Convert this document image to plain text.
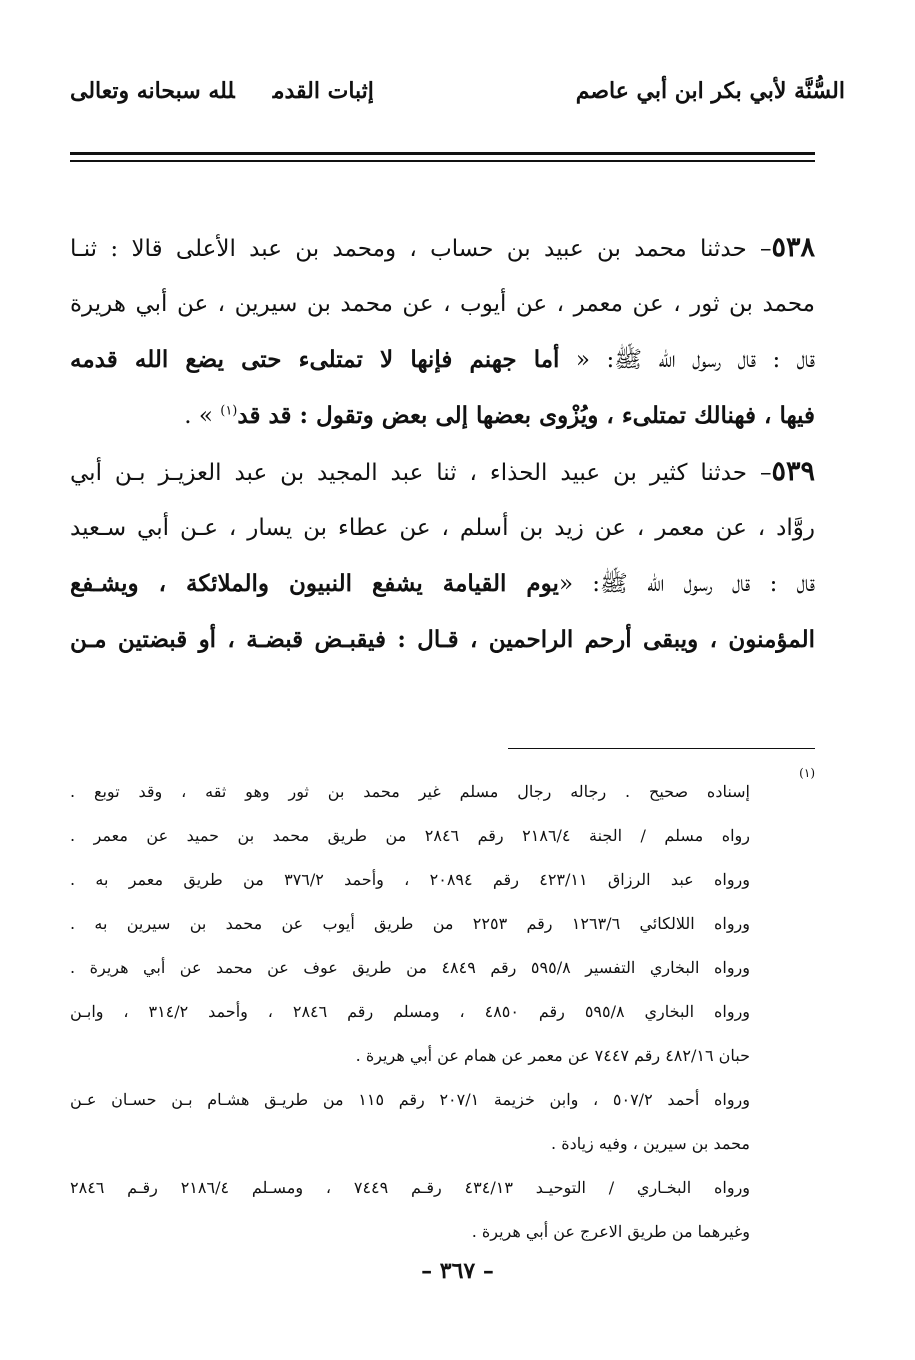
السُّنَّة لأبي بكر ابن أبي عاصم
إثبات القدملله سبحانه وتعالى
٥٣٨– حدثنا محمد بن عبيد بن حساب ، ومحمد بن عبد الأعلى قالا : ثنـا
محمد بن ثور ، عن معمر ، عن أيوب ، عن محمد بن سيرين ، عن أبي هريرة
قال : قال رسول الله ﷺ: « أما جهنم فإنها لا تمتلىء حتى يضع الله قدمه
فيها ، فهنالك تمتلىء ، ويُزْوى بعضها إلى بعض وتقول : قد قد$^{(١)}$ » .
٥٣٩– حدثنا كثير بن عبيد الحذاء ، ثنا عبد المجيد بن عبد العزيـز بـن أبي
روَّاد ، عن معمر ، عن زيد بن أسلم ، عن عطاء بن يسار ، عـن أبي سـعيد
قال : قال رسول الله ﷺ: «يوم القيامة يشفع النبيون والملائكة ، ويشـفع
المؤمنون ، ويبقى أرحم الراحمين ، قـال : فيقبـض قبضـة ، أو قبضتين مـن
(١)
إسناده صحيح . رجاله رجال مسلم غير محمد بن ثور وهو ثقه ، وقد توبع .
رواه مسلم / الجنة ٢١٨٦/٤ رقم ٢٨٤٦ من طريق محمد بن حميد عن معمر .
ورواه عبد الرزاق ٤٢٣/١١ رقم ٢٠٨٩٤ ، وأحمد ٣٧٦/٢ من طريق معمر به .
ورواه اللالكائي ١٢٦٣/٦ رقم ٢٢٥٣ من طريق أيوب عن محمد بن سيرين به .
ورواه البخاري التفسير ٥٩٥/٨ رقم ٤٨٤٩ من طريق عوف عن محمد عن أبي هريرة .
ورواه البخاري ٥٩٥/٨ رقم ٤٨٥٠ ، ومسلم رقم ٢٨٤٦ ، وأحمد ٣١٤/٢ ، وابـن
حبان ٤٨٢/١٦ رقم ٧٤٤٧ عن معمر عن همام عن أبي هريرة .
ورواه أحمد ٥٠٧/٢ ، وابن خزيمة ٢٠٧/١ رقم ١١٥ من طريـق هشـام بـن حسـان عـن
محمد بن سيرين ، وفيه زيادة .
ورواه البخـاري / التوحيـد ٤٣٤/١٣ رقـم ٧٤٤٩ ، ومسـلم ٢١٨٦/٤ رقـم ٢٨٤٦
وغيرهما من طريق الاعرج عن أبي هريرة .
– ٣٦٧ –
